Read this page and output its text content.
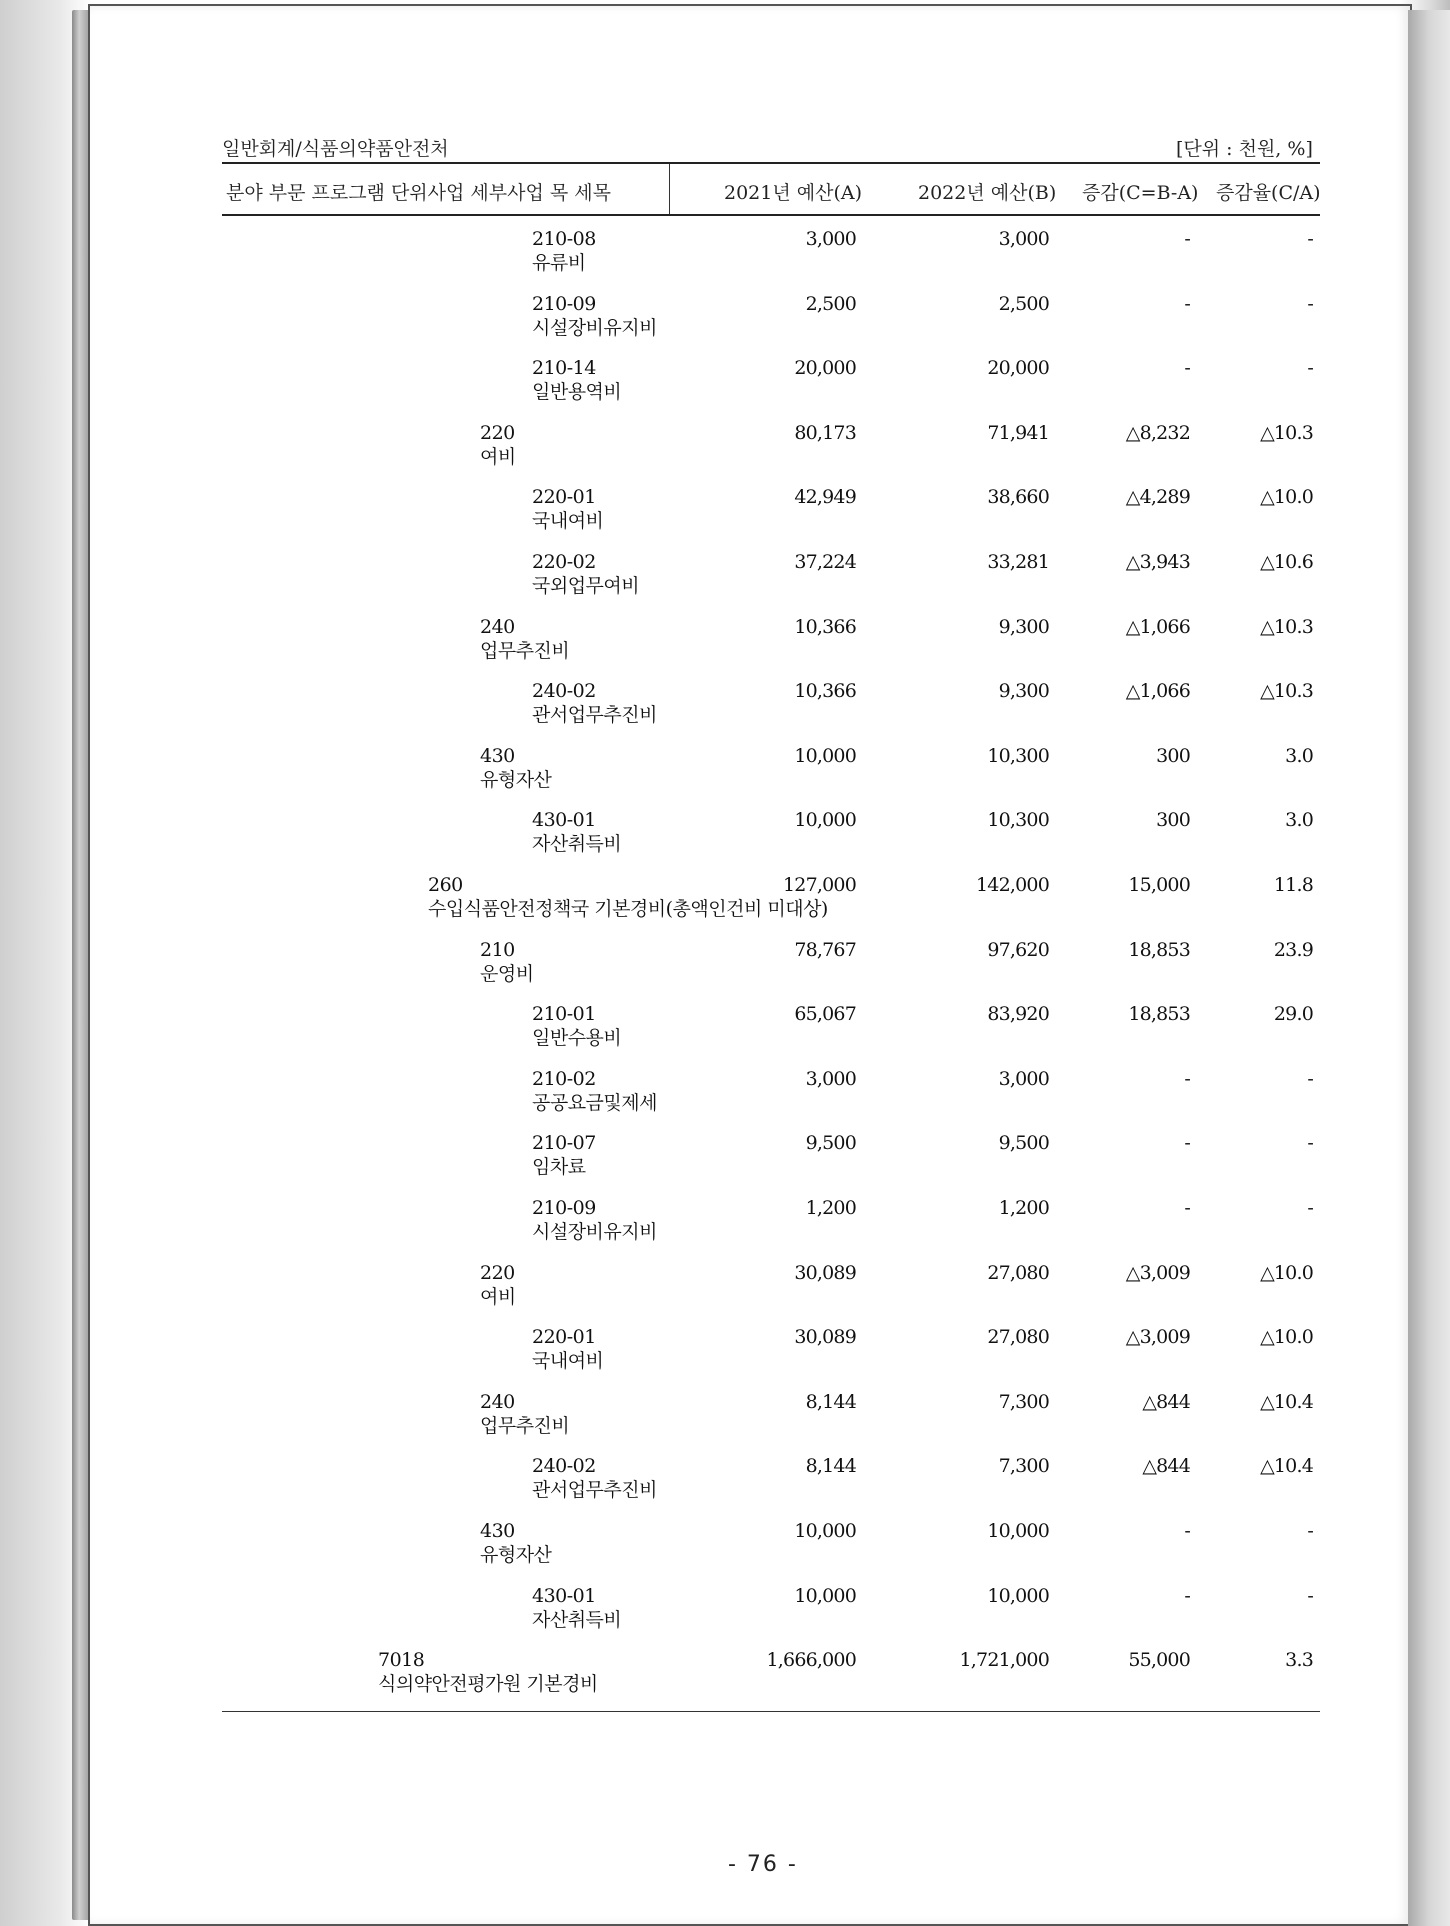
일반회계/식품의약품안전처	[단위 : 천원, %]
분야 부문 프로그램 단위사업 세부사업 목 세목	2021년 예산(A)	2022년 예산(B) 증감(C=B-A) 증감율(C/A)
210-08
유류비
3,000	3,000	-	-
210-09
시설장비유지비
2,500	2,500	-	-
210-14
일반용역비
20,000	20,000	-	-
220
여비
80,173	71,941	△8,232	△10.3
220-01
국내여비
42,949	38,660	△4,289	△10.0
220-02
국외업무여비
37,224	33,281	△3,943	△10.6
240
업무추진비
10,366	9,300	△1,066	△10.3
240-02
관서업무추진비
10,366	9,300	△1,066	△10.3
430
유형자산
10,000	10,300	300	3.0
430-01
자산취득비
10,000	10,300	300	3.0
260
수입식품안전정책국 기본경비(총액인건비 미대상)
127,000	142,000	15,000	11.8
210
운영비
78,767	97,620	18,853	23.9
210-01
일반수용비
65,067	83,920	18,853	29.0
210-02
공공요금및제세
3,000	3,000	-	-
210-07
임차료
9,500	9,500	-	-
210-09
시설장비유지비
1,200	1,200	-	-
220
여비
30,089	27,080	△3,009	△10.0
220-01
국내여비
30,089	27,080	△3,009	△10.0
240
업무추진비
8,144	7,300	△844	△10.4
240-02
관서업무추진비
8,144	7,300	△844	△10.4
430
유형자산
10,000	10,000	-	-
430-01
자산취득비
10,000	10,000	-	-
7018
식의약안전평가원 기본경비
1,666,000	1,721,000	55,000	3.3
- 76 -
